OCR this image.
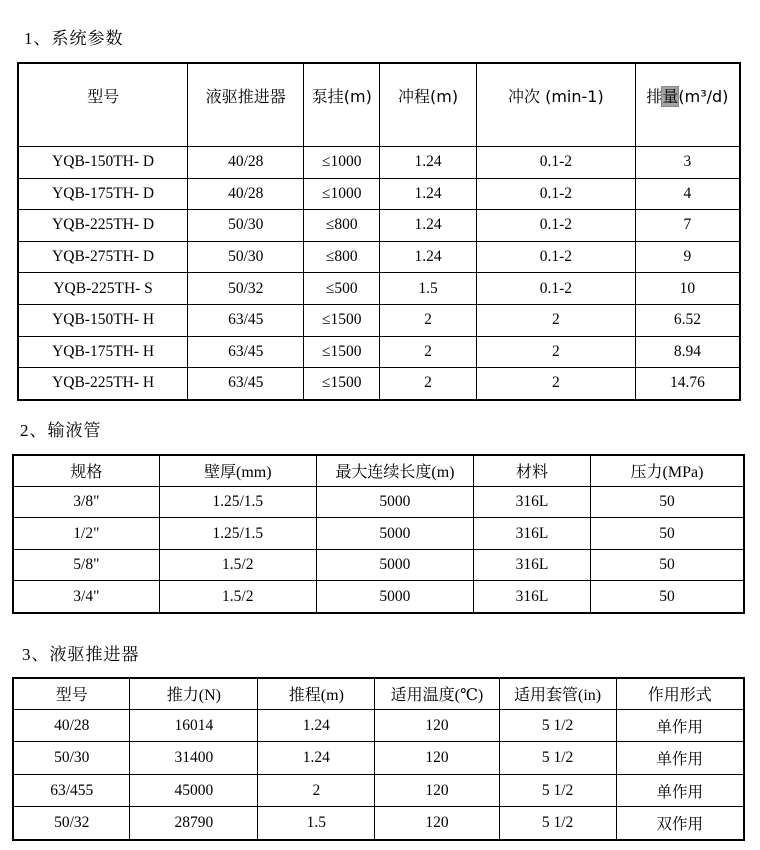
1、系统参数
型号	液驱推进器	泵挂(m)	冲程(m)	冲次 (min-1)	排量(m³/d)
YQB-150TH- D	40/28	≤1000	1.24	0.1-2	3
YQB-175TH- D	40/28	≤1000	1.24	0.1-2	4
YQB-225TH- D	50/30	≤800	1.24	0.1-2	7
YQB-275TH- D	50/30	≤800	1.24	0.1-2	9
YQB-225TH- S	50/32	≤500	1.5	0.1-2	10
YQB-150TH- H	63/45	≤1500	2	2	6.52
YQB-175TH- H	63/45	≤1500	2	2	8.94
YQB-225TH- H	63/45	≤1500	2	2	14.76
2、输液管
规格	壁厚(mm)	最大连续长度(m)	材料	压力(MPa)
3/8"	1.25/1.5	5000	316L	50
1/2"	1.25/1.5	5000	316L	50
5/8"	1.5/2	5000	316L	50
3/4"	1.5/2	5000	316L	50
3、液驱推进器
型号	推力(N)	推程(m)	适用温度(℃)	适用套管(in)	作用形式
40/28	16014	1.24	120	5 1/2	单作用
50/30	31400	1.24	120	5 1/2	单作用
63/455	45000	2	120	5 1/2	单作用
50/32	28790	1.5	120	5 1/2	双作用
